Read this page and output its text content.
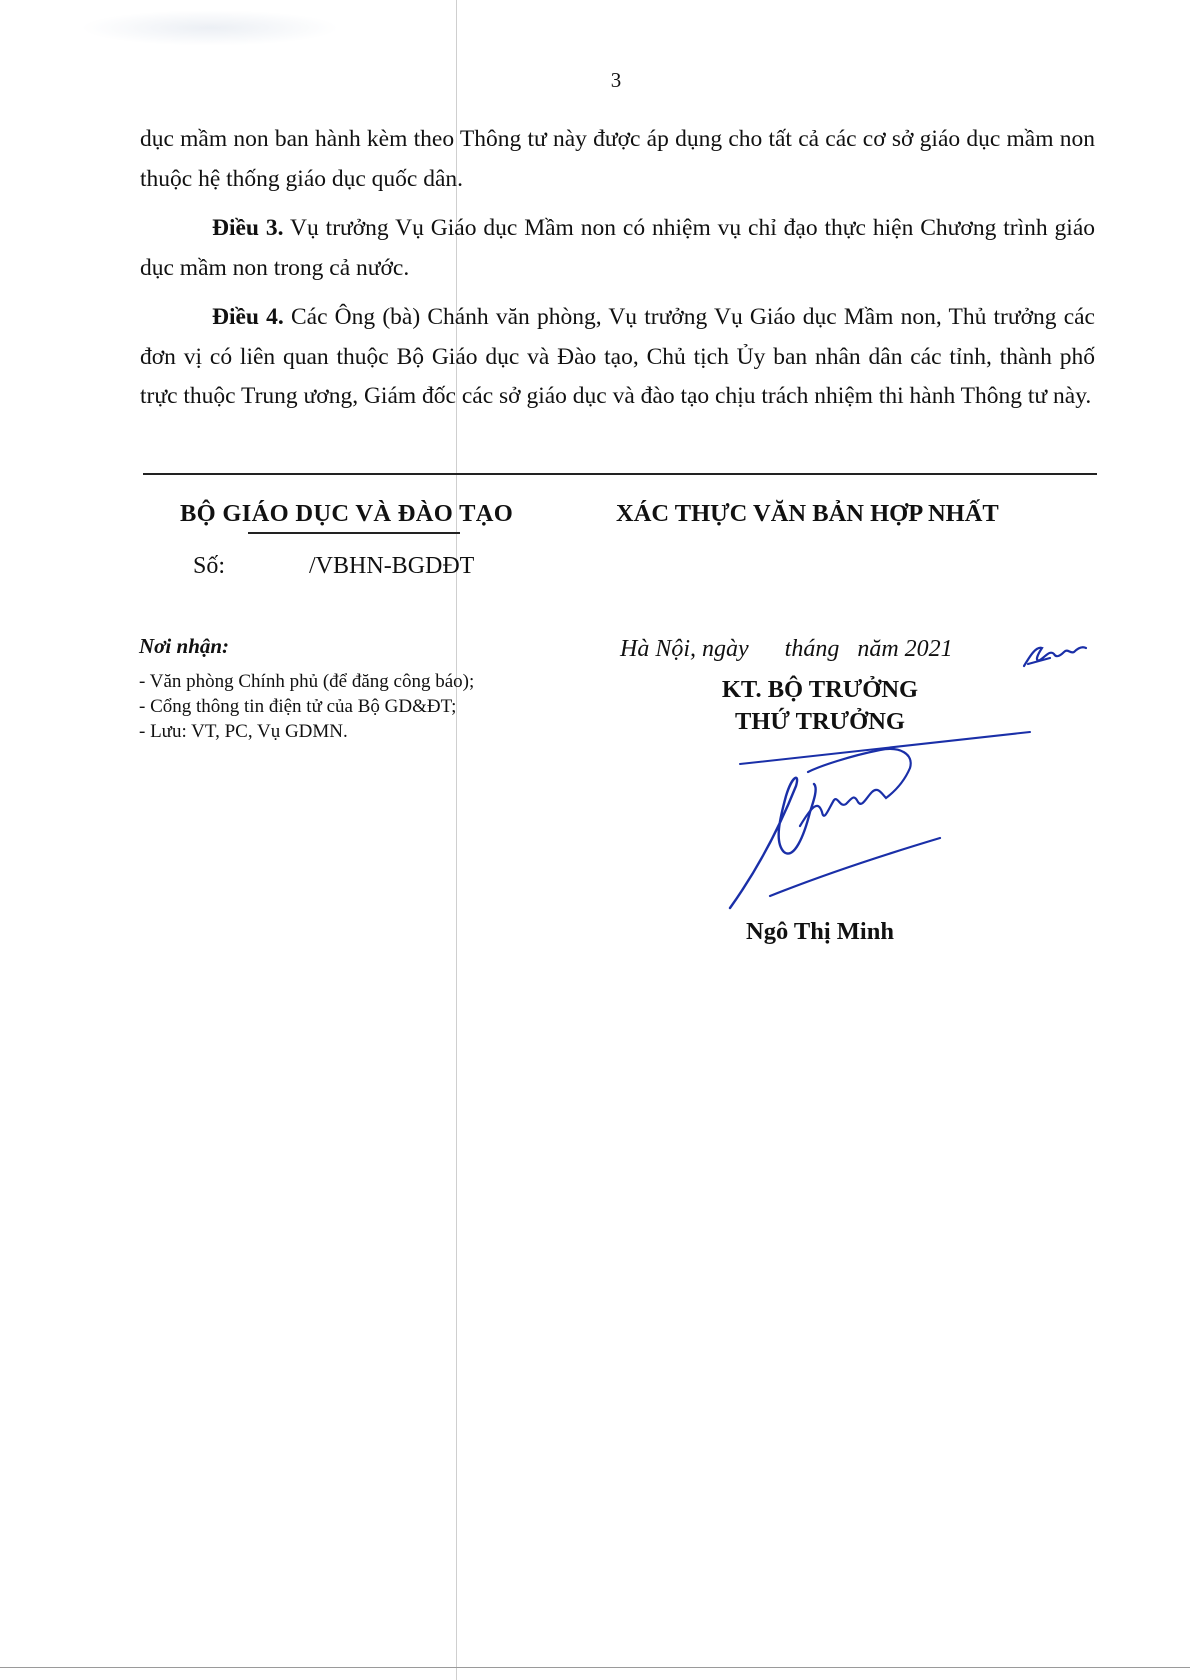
3

dục mầm non ban hành kèm theo Thông tư này được áp dụng cho tất cả các cơ sở giáo dục mầm non thuộc hệ thống giáo dục quốc dân.

Điều 3. Vụ trưởng Vụ Giáo dục Mầm non có nhiệm vụ chỉ đạo thực hiện Chương trình giáo dục mầm non trong cả nước.

Điều 4. Các Ông (bà) Chánh văn phòng, Vụ trưởng Vụ Giáo dục Mầm non, Thủ trưởng các đơn vị có liên quan thuộc Bộ Giáo dục và Đào tạo, Chủ tịch Ủy ban nhân dân các tỉnh, thành phố trực thuộc Trung ương, Giám đốc các sở giáo dục và đào tạo chịu trách nhiệm thi hành Thông tư này.

BỘ GIÁO DỤC VÀ ĐÀO TẠO
Số:	/VBHN-BGDĐT
XÁC THỰC VĂN BẢN HỢP NHẤT
Nơi nhận:
- Văn phòng Chính phủ (để đăng công báo);
- Cổng thông tin điện tử của Bộ GD&ĐT;
- Lưu: VT, PC, Vụ GDMN.
Hà Nội, ngày      tháng   năm 2021
KT. BỘ TRƯỞNG
THỨ TRƯỞNG
Ngô Thị Minh
